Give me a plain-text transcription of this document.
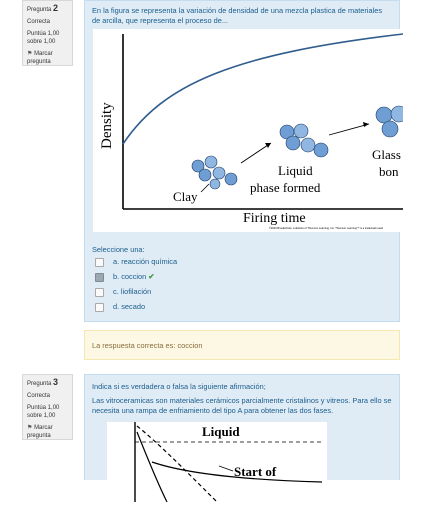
Pregunta 2
Correcta
Puntúa 1,00 sobre 1,00
⚑ Marcar pregunta
En la figura se representa la variación de densidad de una mezcla plastica de materiales de arcilla, que representa el proceso de...
Density
Firing time
©2003 Brooks/Cole, a division of Thomson Learning, Inc. Thomson Learning™ is a trademark used
Clay
Liquid
phase formed
Glass
bon
Seleccione una:
a. reacción química
b. coccion ✔
c. liofilación
d. secado
La respuesta correcta es: coccion
Pregunta 3
Correcta
Puntúa 1,00 sobre 1,00
⚑ Marcar pregunta
Indica si es verdadera o falsa la siguiente afirmación;
Las vitroceramicas son materiales cerámicos parcialmente cristalinos y vitreos. Para ello se necesita una rampa de enfriamiento del tipo A para obtener las dos fases.
Liquid
Start of
